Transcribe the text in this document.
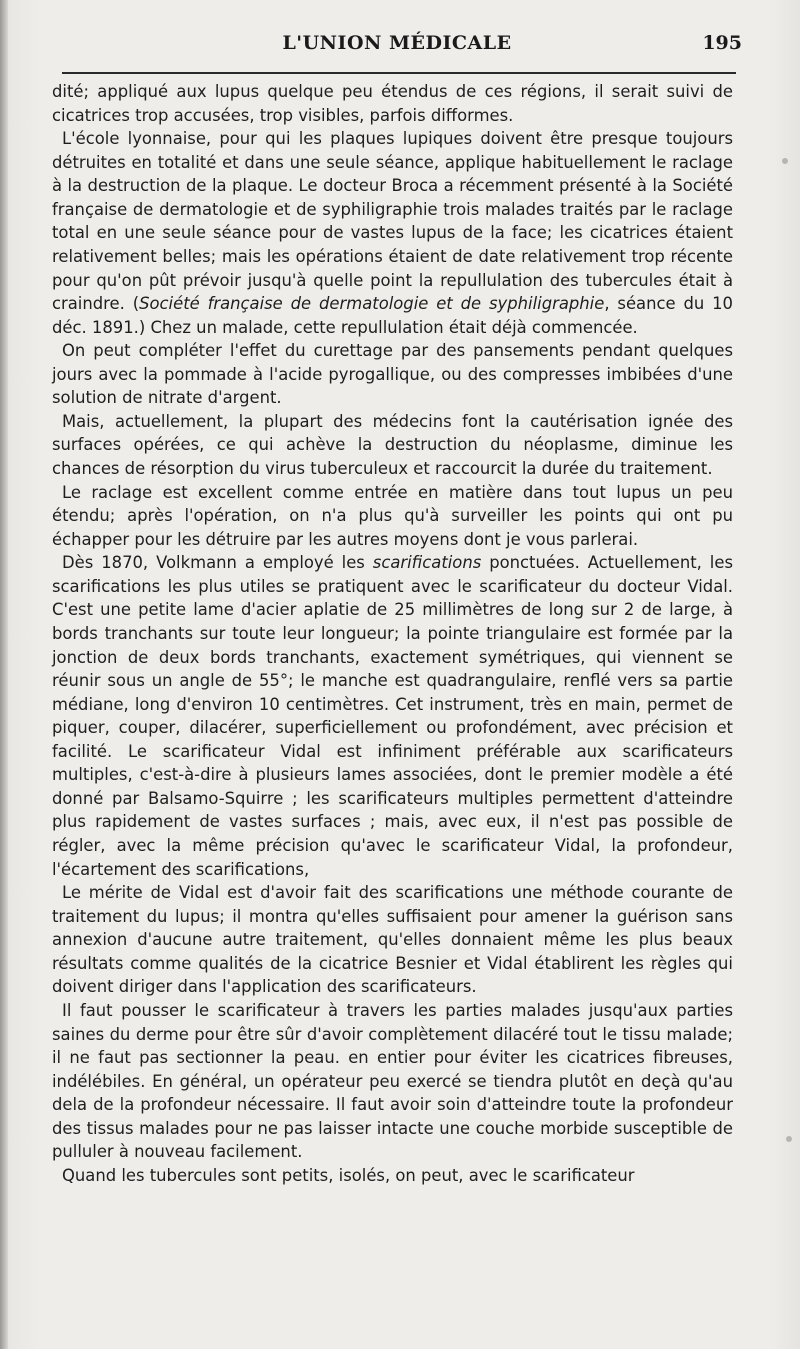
L'UNION MÉDICALE	195

dité; appliqué aux lupus quelque peu étendus de ces régions, il serait suivi de cicatrices trop accusées, trop visibles, parfois difformes.

L'école lyonnaise, pour qui les plaques lupiques doivent être presque toujours détruites en totalité et dans une seule séance, applique habituellement le raclage à la destruction de la plaque. Le docteur Broca a récemment présenté à la Société française de dermatologie et de syphiligraphie trois malades traités par le raclage total en une seule séance pour de vastes lupus de la face; les cicatrices étaient relativement belles; mais les opérations étaient de date relativement trop récente pour qu'on pût prévoir jusqu'à quelle point la repullulation des tubercules était à craindre. (Société française de dermatologie et de syphiligraphie, séance du 10 déc. 1891.) Chez un malade, cette repullulation était déjà commencée.

On peut compléter l'effet du curettage par des pansements pendant quelques jours avec la pommade à l'acide pyrogallique, ou des compresses imbibées d'une solution de nitrate d'argent.

Mais, actuellement, la plupart des médecins font la cautérisation ignée des surfaces opérées, ce qui achève la destruction du néoplasme, diminue les chances de résorption du virus tuberculeux et raccourcit la durée du traitement.

Le raclage est excellent comme entrée en matière dans tout lupus un peu étendu; après l'opération, on n'a plus qu'à surveiller les points qui ont pu échapper pour les détruire par les autres moyens dont je vous parlerai.

Dès 1870, Volkmann a employé les scarifications ponctuées. Actuellement, les scarifications les plus utiles se pratiquent avec le scarificateur du docteur Vidal. C'est une petite lame d'acier aplatie de 25 millimètres de long sur 2 de large, à bords tranchants sur toute leur longueur; la pointe triangulaire est formée par la jonction de deux bords tranchants, exactement symétriques, qui viennent se réunir sous un angle de 55°; le manche est quadrangulaire, renflé vers sa partie médiane, long d'environ 10 centimètres. Cet instrument, très en main, permet de piquer, couper, dilacérer, superficiellement ou profondément, avec précision et facilité. Le scarificateur Vidal est infiniment préférable aux scarificateurs multiples, c'est-à-dire à plusieurs lames associées, dont le premier modèle a été donné par Balsamo-Squirre ; les scarificateurs multiples permettent d'atteindre plus rapidement de vastes surfaces ; mais, avec eux, il n'est pas possible de régler, avec la même précision qu'avec le scarificateur Vidal, la profondeur, l'écartement des scarifications,

Le mérite de Vidal est d'avoir fait des scarifications une méthode courante de traitement du lupus; il montra qu'elles suffisaient pour amener la guérison sans annexion d'aucune autre traitement, qu'elles donnaient même les plus beaux résultats comme qualités de la cicatrice Besnier et Vidal établirent les règles qui doivent diriger dans l'application des scarificateurs.

Il faut pousser le scarificateur à travers les parties malades jusqu'aux parties saines du derme pour être sûr d'avoir complètement dilacéré tout le tissu malade; il ne faut pas sectionner la peau. en entier pour éviter les cicatrices fibreuses, indélébiles. En général, un opérateur peu exercé se tiendra plutôt en deçà qu'au dela de la profondeur nécessaire. Il faut avoir soin d'atteindre toute la profondeur des tissus malades pour ne pas laisser intacte une couche morbide susceptible de pulluler à nouveau facilement.

Quand les tubercules sont petits, isolés, on peut, avec le scarificateur
